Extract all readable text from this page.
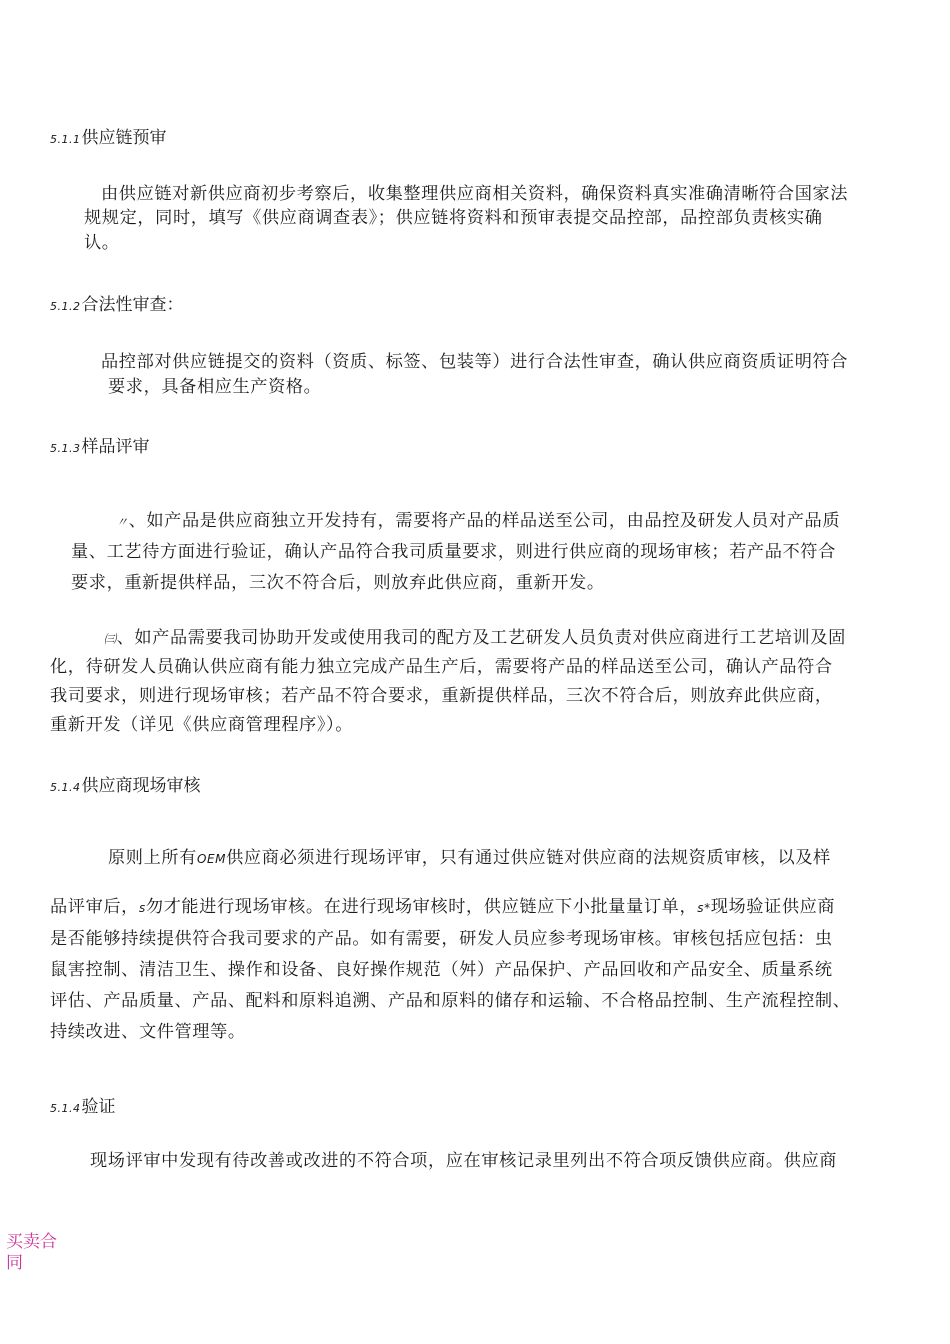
5.1.1供应链预审
由供应链对新供应商初步考察后，收集整理供应商相关资料，确保资料真实准确清晰符合国家法
规规定，同时，填写《供应商调查表》；供应链将资料和预审表提交品控部，品控部负责核实确
认。
5.1.2合法性审查：
品控部对供应链提交的资料（资质、标签、包装等）进行合法性审查，确认供应商资质证明符合
要求，具备相应生产资格。
5.1.3样品评审
〃、如产品是供应商独立开发持有，需要将产品的样品送至公司，由品控及研发人员对产品质
量、工艺待方面进行验证，确认产品符合我司质量要求，则进行供应商的现场审核；若产品不符合
要求，重新提供样品，三次不符合后，则放弃此供应商，重新开发。
㈢、如产品需要我司协助开发或使用我司的配方及工艺研发人员负责对供应商进行工艺培训及固
化，待研发人员确认供应商有能力独立完成产品生产后，需要将产品的样品送至公司，确认产品符合
我司要求，则进行现场审核；若产品不符合要求，重新提供样品，三次不符合后，则放弃此供应商，
重新开发（详见《供应商管理程序》）。
5.1.4供应商现场审核
原则上所有OEM供应商必须进行现场评审，只有通过供应链对供应商的法规资质审核，以及样
品评审后，s勿才能进行现场审核。在进行现场审核时，供应链应下小批量量订单，s*现场验证供应商
是否能够持续提供符合我司要求的产品。如有需要，研发人员应参考现场审核。审核包括应包括：虫
鼠害控制、清洁卫生、操作和设备、良好操作规范（舛）产品保护、产品回收和产品安全、质量系统
评估、产品质量、产品、配料和原料追溯、产品和原料的储存和运输、不合格品控制、生产流程控制、
持续改进、文件管理等。
5.1.4验证
现场评审中发现有待改善或改进的不符合项，应在审核记录里列出不符合项反馈供应商。供应商
买卖合同
